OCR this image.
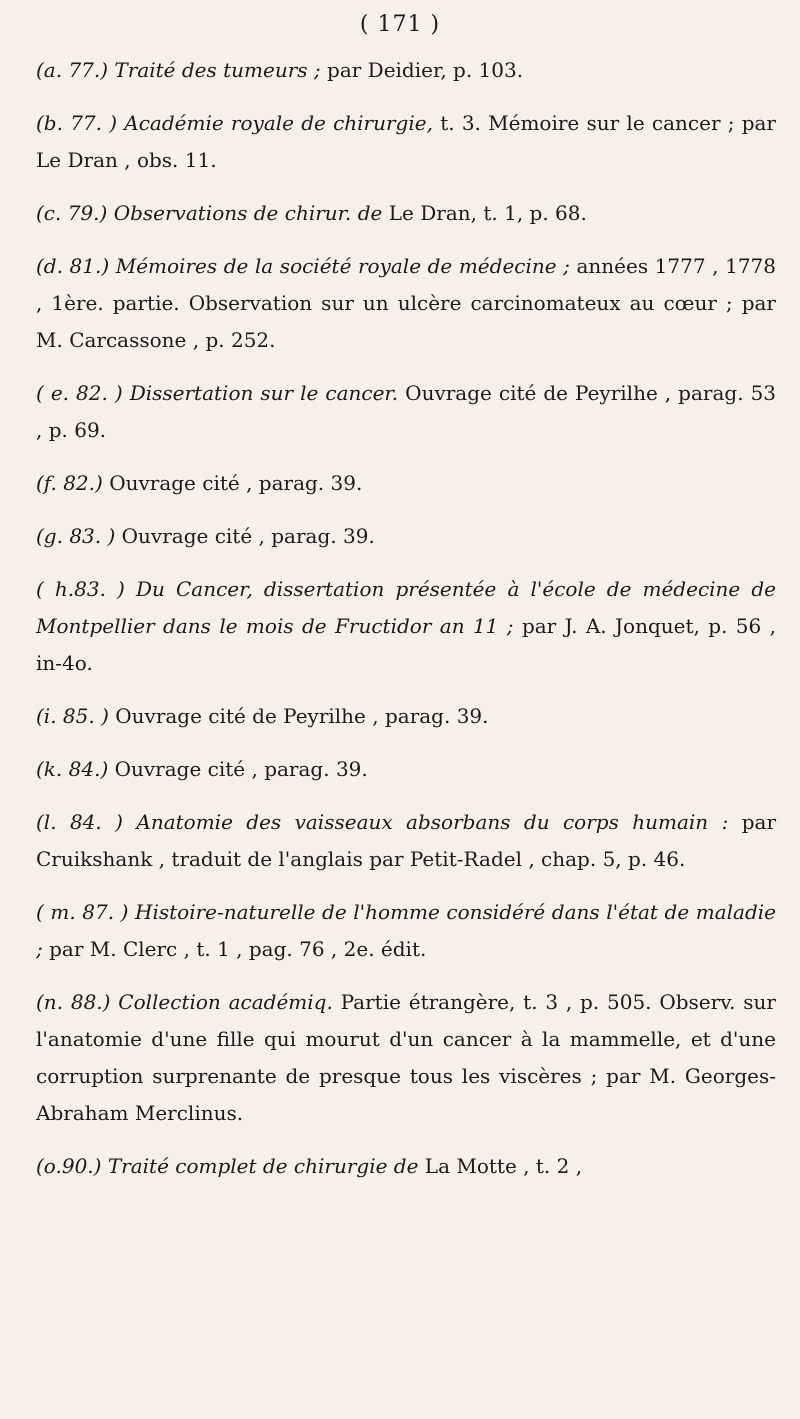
( 171 )

(a. 77.) Traité des tumeurs ; par Deidier, p. 103.

(b. 77. ) Académie royale de chirurgie, t. 3. Mémoire sur le cancer ; par Le Dran , obs. 11.

(c. 79.) Observations de chirur. de Le Dran, t. 1, p. 68.

(d. 81.) Mémoires de la société royale de médecine ; années 1777 , 1778 , 1ère. partie. Observation sur un ulcère carcinomateux au cœur ; par M. Carcassone , p. 252.

( e. 82. ) Dissertation sur le cancer. Ouvrage cité de Peyrilhe , parag. 53 , p. 69.

(f. 82.) Ouvrage cité , parag. 39.

(g. 83. ) Ouvrage cité , parag. 39.

( h.83. ) Du Cancer, dissertation présentée à l'école de médecine de Montpellier dans le mois de Fructidor an 11 ; par J. A. Jonquet, p. 56 , in-4o.

(i. 85. ) Ouvrage cité de Peyrilhe , parag. 39.

(k. 84.) Ouvrage cité , parag. 39.

(l. 84. ) Anatomie des vaisseaux absorbans du corps humain : par Cruikshank , traduit de l'anglais par Petit-Radel , chap. 5, p. 46.

( m. 87. ) Histoire-naturelle de l'homme considéré dans l'état de maladie ; par M. Clerc , t. 1 , pag. 76 , 2e. édit.

(n. 88.) Collection académiq. Partie étrangère, t. 3 , p. 505. Observ. sur l'anatomie d'une fille qui mourut d'un cancer à la mammelle, et d'une corruption surprenante de presque tous les viscères ; par M. Georges-Abraham Merclinus.

(o.90.) Traité complet de chirurgie de La Motte , t. 2 ,
